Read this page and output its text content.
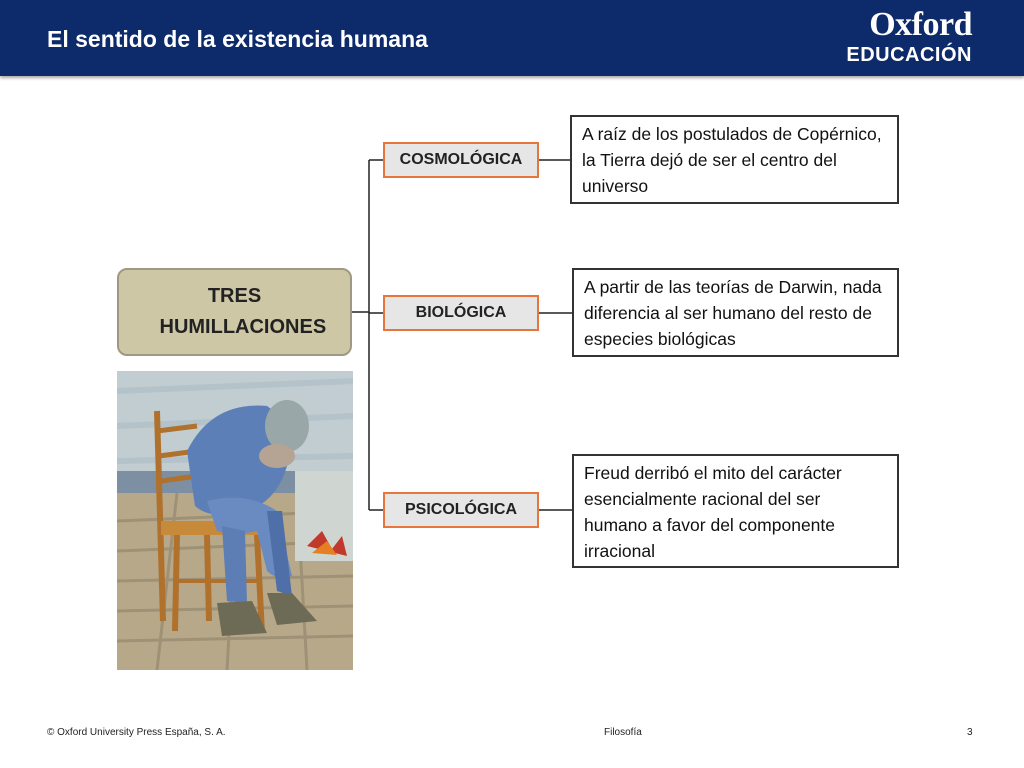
El sentido de la existencia humana	Oxford
EDUCACIÓN
TRES HUMILLACIONES
COSMOLÓGICA
BIOLÓGICA
PSICOLÓGICA
A raíz de los postulados de Copérnico, la Tierra dejó de ser el centro del universo
A partir de las teorías de Darwin, nada diferencia al ser humano del resto de especies biológicas
Freud derribó el mito del carácter esencialmente racional del ser humano a favor del componente irracional
© Oxford University Press España, S. A.	Filosofía	3
